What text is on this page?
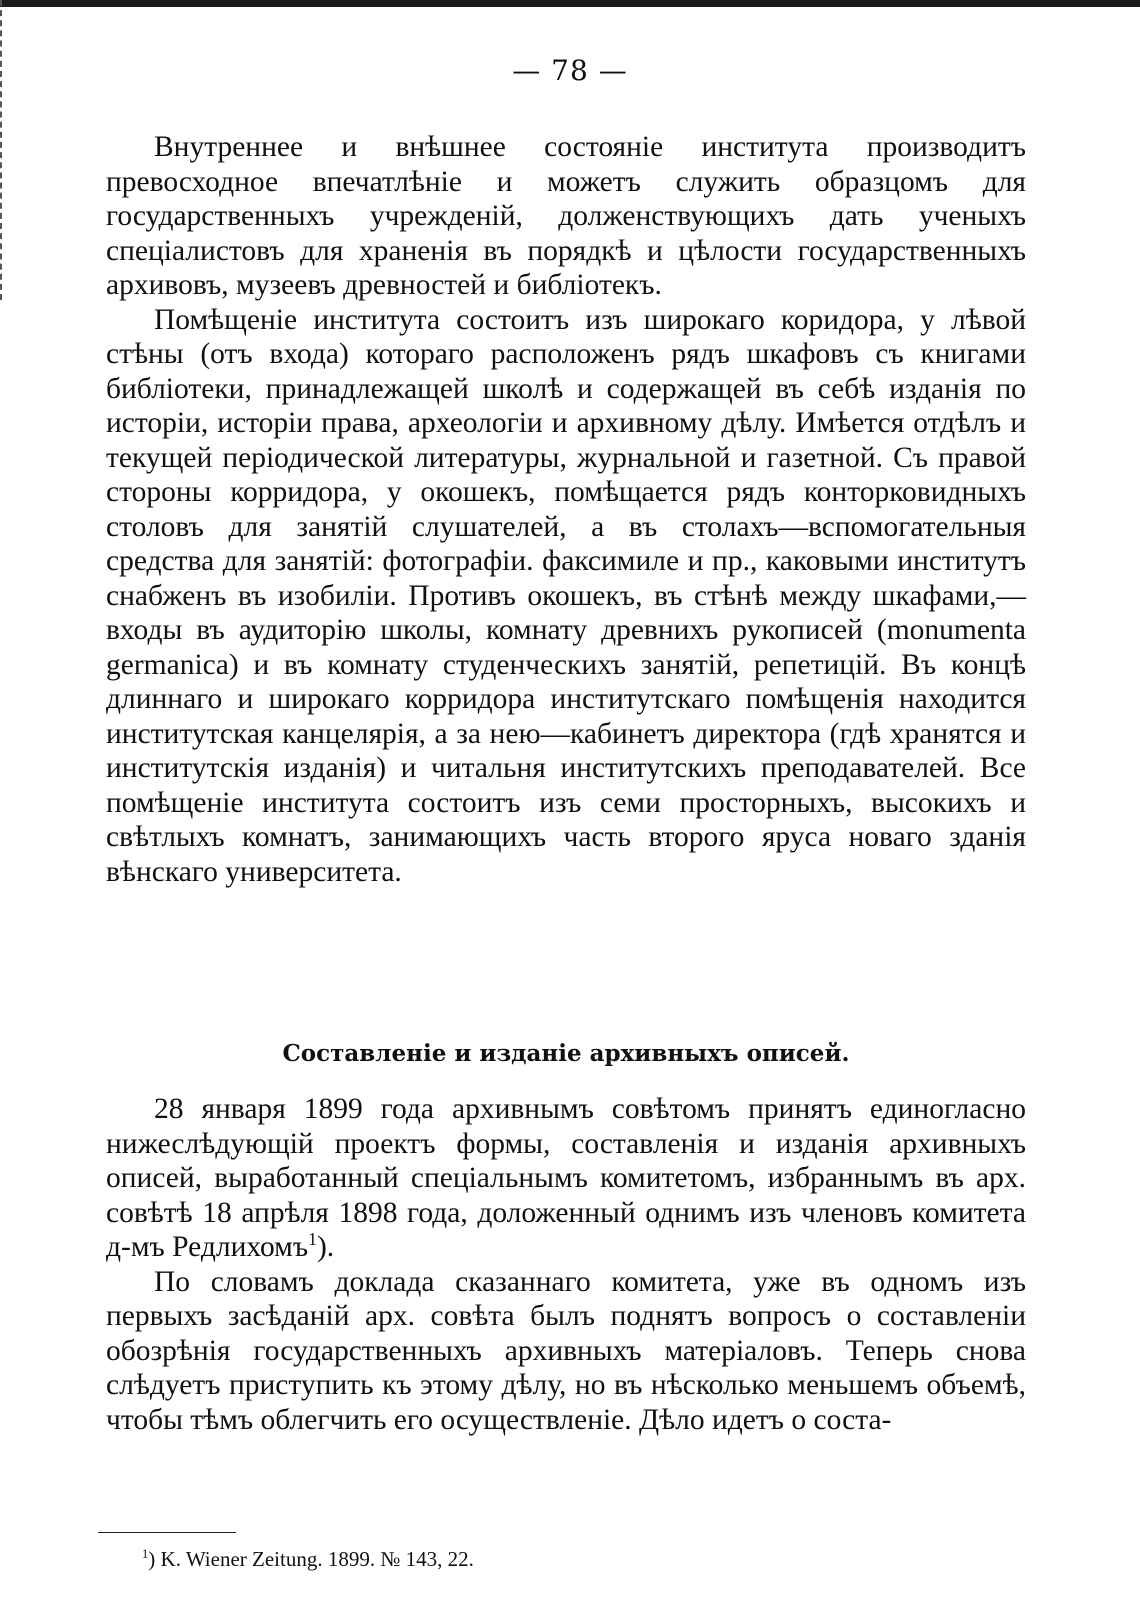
— 78 —

Внутреннее и внѣшнее состояніе института производитъ превосходное впечатлѣніе и можетъ служить образцомъ для государственныхъ учрежденій, долженствующихъ дать ученыхъ спеціалистовъ для храненія въ порядкѣ и цѣлости государственныхъ архивовъ, музеевъ древностей и библіотекъ.

Помѣщеніе института состоитъ изъ широкаго коридора, у лѣвой стѣны (отъ входа) котораго расположенъ рядъ шкафовъ съ книгами библіотеки, принадлежащей школѣ и содержащей въ себѣ изданія по исторіи, исторіи права, археологіи и архивному дѣлу. Имѣется отдѣлъ и текущей періодической литературы, журнальной и газетной. Съ правой стороны корридора, у окошекъ, помѣщается рядъ конторковидныхъ столовъ для занятій слушателей, а въ столахъ—вспомогательныя средства для занятій: фотографіи. факсимиле и пр., каковыми институтъ снабженъ въ изобиліи. Противъ окошекъ, въ стѣнѣ между шкафами,—входы въ аудиторію школы, комнату древнихъ рукописей (monumenta germanica) и въ комнату студенческихъ занятій, репетицій. Въ концѣ длиннаго и широкаго корридора институтскаго помѣщенія находится институтская канцелярія, а за нею—кабинетъ директора (гдѣ хранятся и институтскія изданія) и читальня институтскихъ преподавателей. Все помѣщеніе института состоитъ изъ семи просторныхъ, высокихъ и свѣтлыхъ комнатъ, занимающихъ часть второго яруса новаго зданія вѣнскаго университета.

Составленіе и изданіе архивныхъ описей.

28 января 1899 года архивнымъ совѣтомъ принятъ единогласно нижеслѣдующій проектъ формы, составленія и изданія архивныхъ описей, выработанный спеціальнымъ комитетомъ, избраннымъ въ арх. совѣтѣ 18 апрѣля 1898 года, доложенный однимъ изъ членовъ комитета д-мъ Редлихомъ$^1$).

По словамъ доклада сказаннаго комитета, уже въ одномъ изъ первыхъ засѣданій арх. совѣта былъ поднятъ вопросъ о составленіи обозрѣнія государственныхъ архивныхъ матеріаловъ. Теперь снова слѣдуетъ приступить къ этому дѣлу, но въ нѣсколько меньшемъ объемѣ, чтобы тѣмъ облегчить его осуществленіе. Дѣло идетъ о соста-

$^1$) K. Wiener Zeitung. 1899. № 143, 22.
